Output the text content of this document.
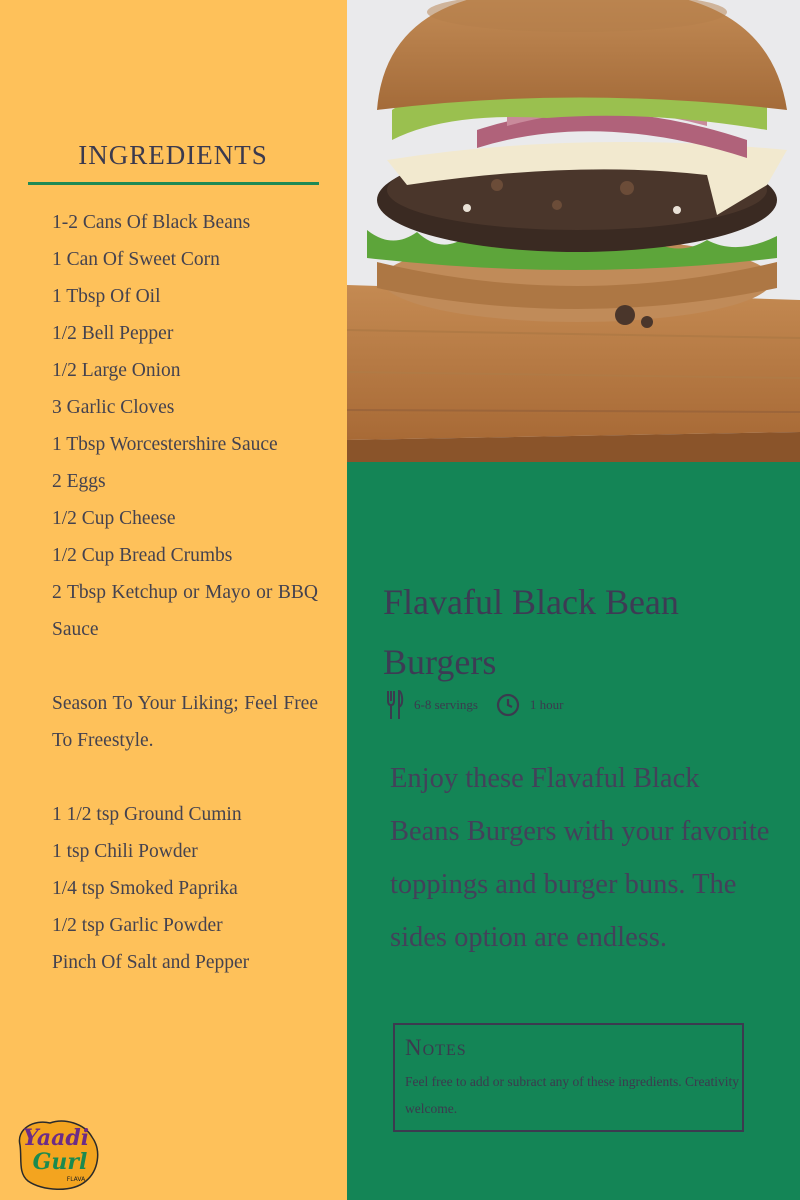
INGREDIENTS
1-2 Cans Of Black Beans
1 Can Of Sweet Corn
1 Tbsp Of Oil
1/2 Bell Pepper
1/2 Large Onion
3 Garlic Cloves
1 Tbsp Worcestershire Sauce
2 Eggs
1/2 Cup Cheese
1/2 Cup Bread Crumbs
2 Tbsp Ketchup or Mayo or BBQ Sauce
Season To Your Liking; Feel Free To Freestyle.
1 1/2 tsp Ground Cumin
1 tsp Chili Powder
1/4 tsp Smoked Paprika
1/2 tsp Garlic Powder
Pinch Of Salt and Pepper
Yaadi
Gurl
FLAVA
Flavaful Black Bean Burgers
6-8 servings	1 hour
Enjoy these Flavaful Black Beans Burgers with your favorite toppings and burger buns. The sides option are endless.
Notes
Feel free to add or subract any of these ingredients. Creativity welcome.
